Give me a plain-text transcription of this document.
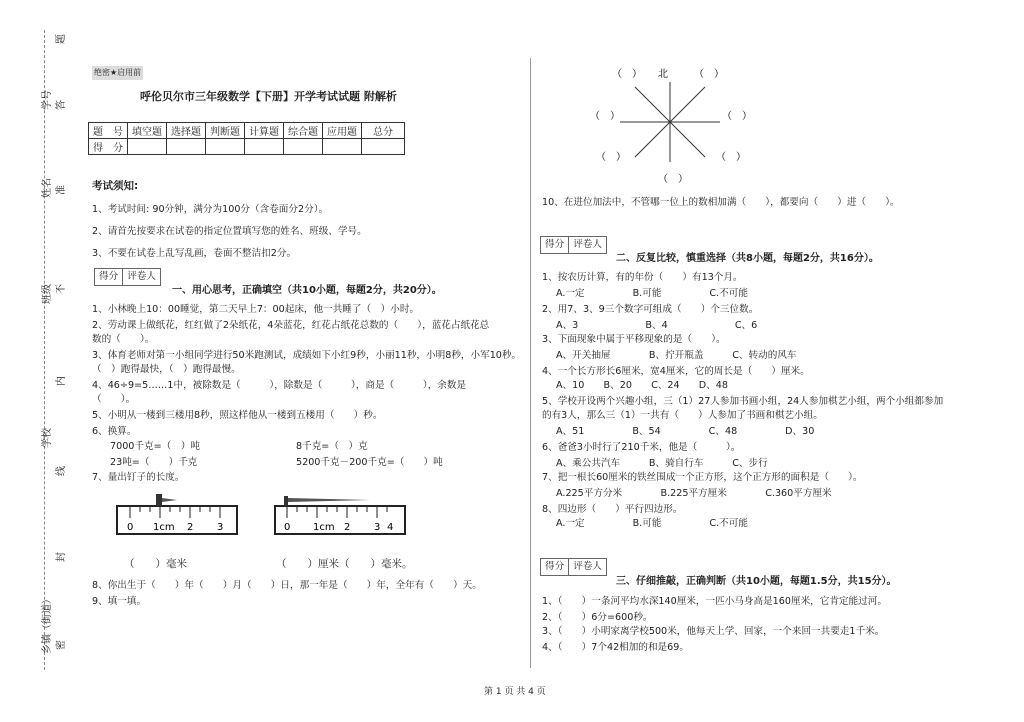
题
学号 答
姓名 准
班级 不
内
学校
线
封
乡镇（街道） 密
绝密★启用前
呼伦贝尔市三年级数学【下册】开学考试试题 附解析
题　号	填空题	选择题	判断题	计算题	综合题	应用题	总分
得　分							
考试须知:
1、考试时间: 90分钟，满分为100分（含卷面分2分）。
2、请首先按要求在试卷的指定位置填写您的姓名、班级、学号。
3、不要在试卷上乱写乱画，卷面不整洁扣2分。
得分 评卷人
一、用心思考，正确填空（共10小题，每题2分，共20分）。
1、小林晚上10：00睡觉，第二天早上7：00起床，他一共睡了（　）小时。
2、劳动课上做纸花，红红做了2朵纸花，4朵蓝花，红花占纸花总数的（　　），蓝花占纸花总
数的（　　）。
3、体育老师对第一小组同学进行50米跑测试，成绩如下小红9秒，小丽11秒，小明8秒，小军10秒。
（　）跑得最快，（　）跑得最慢。
4、46÷9=5……1中，被除数是（　　　），除数是（　　　），商是（　　　），余数是
（　　）。
5、小明从一楼到三楼用8秒，照这样他从一楼到五楼用（　　）秒。
6、换算。
7000千克=（　）吨	8千克=（　）克
23吨=（　　）千克	5200千克－200千克=（　　）吨
7、量出钉子的长度。
0 1cm 2 3	0 1cm 2 3 4
（　　）毫米	（　　）厘米（　　）毫米。
8、你出生于（　　）年（　　）月（　　）日，那一年是（　　）年，全年有（　　）天。
9、填一填。
北
（　）	（　）
（　）	（　）
（　）	（　）
（　）
10、在进位加法中，不管哪一位上的数相加满（　　），都要向（　　）进（　　）。
得分 评卷人
二、反复比较，慎重选择（共8小题，每题2分，共16分）。
1、按农历计算，有的年份（　　）有13个月。
A.一定　　　　　B.可能　　　　　C.不可能
2、用7、3、9三个数字可组成（　　）个三位数。
A、3　　　　　　　B、4　　　　　　　C、6
3、下面现象中属于平移现象的是（　　）。
A、开关抽屉　　　　B、拧开瓶盖　　　C、转动的风车
4、一个长方形长6厘米，宽4厘米，它的周长是（　　）厘米。
A、10　　B、20　　C、24　　D、48
5、学校开设两个兴趣小组，三（1）27人参加书画小组，24人参加棋艺小组，两个小组都参加
的有3人，那么三（1）一共有（　　）人参加了书画和棋艺小组。
A、51　　　　　B、54　　　　　C、48　　　　　D、30
6、爸爸3小时行了210千米，他是（　　　）。
A、乘公共汽车　　　B、骑自行车　　　C、步行
7、把一根长60厘米的铁丝围成一个正方形，这个正方形的面积是（　　）。
A.225平方分米　　　　B.225平方厘米　　　　C.360平方厘米
8、四边形（　　）平行四边形。
A.一定　　　　　B.可能　　　　　C.不可能
得分 评卷人
三、仔细推敲，正确判断（共10小题，每题1.5分，共15分）。
1、（　　）一条河平均水深140厘米，一匹小马身高是160厘米，它肯定能过河。
2、（　　）6分=600秒。
3、（　　）小明家离学校500米，他每天上学、回家，一个来回一共要走1千米。
4、（　　）7个42相加的和是69。
第 1 页 共 4 页
